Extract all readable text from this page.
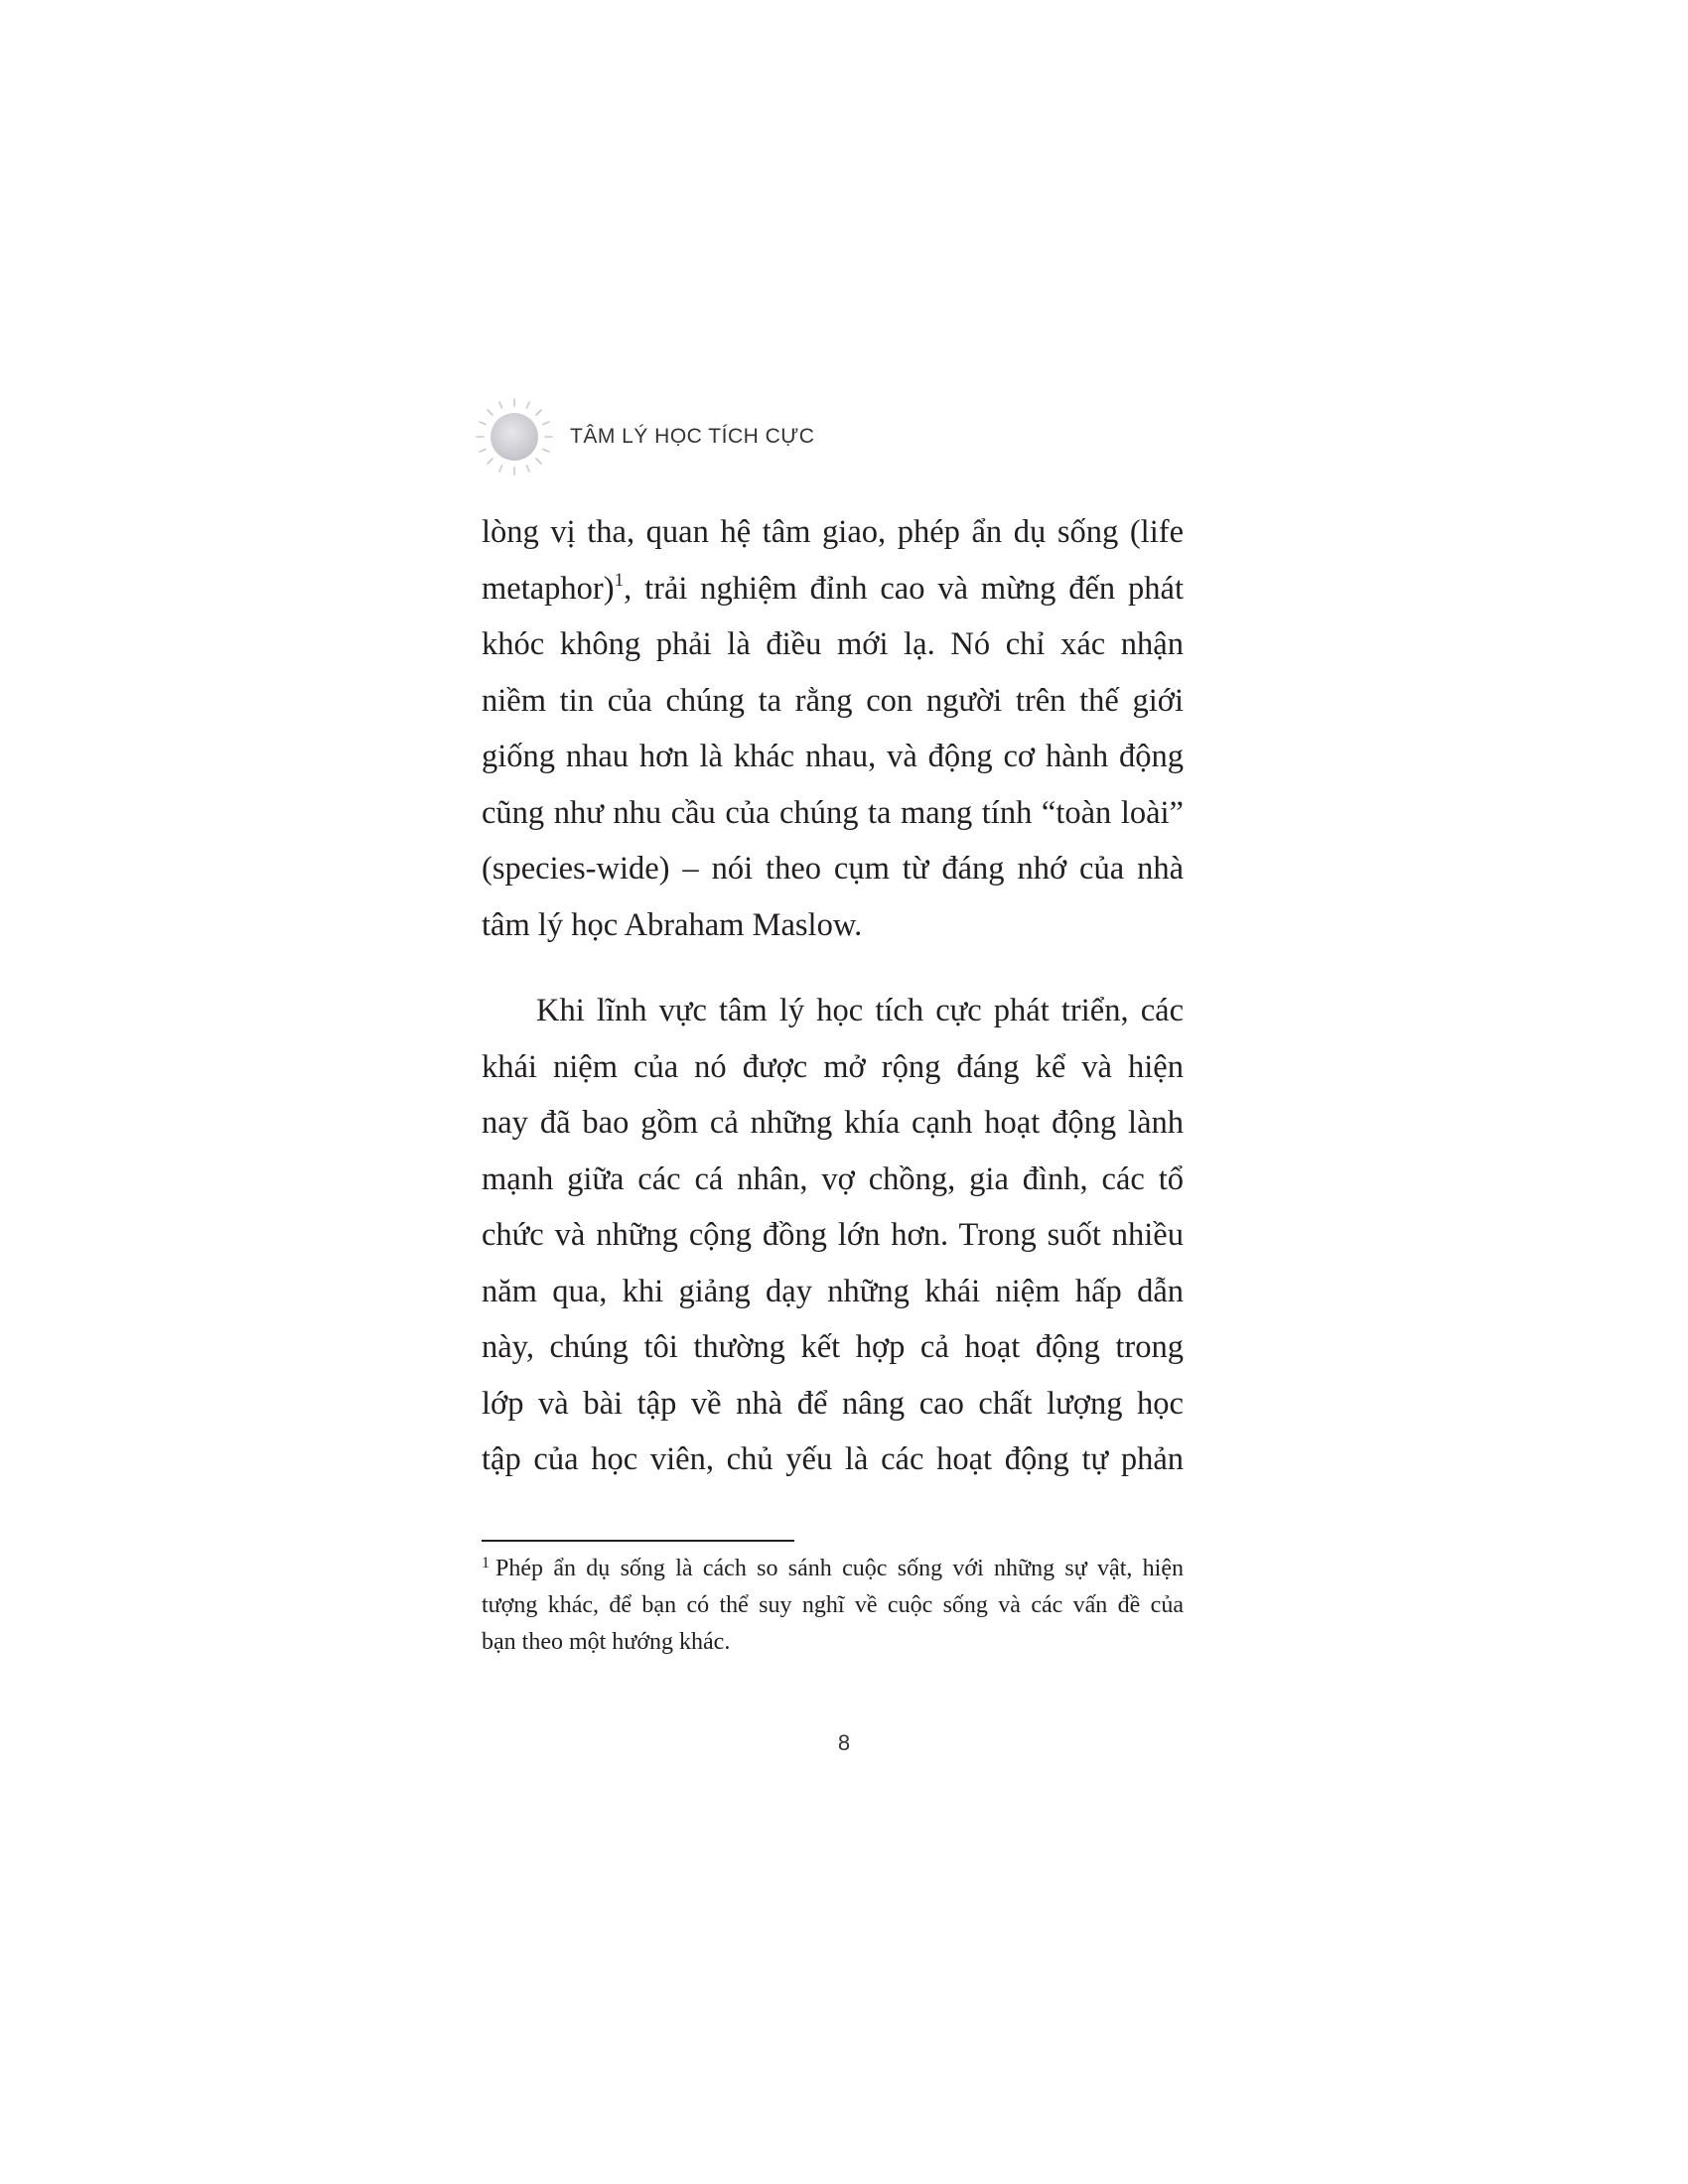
TÂM LÝ HỌC TÍCH CỰC

lòng vị tha, quan hệ tâm giao, phép ẩn dụ sống (life
metaphor)$^1$, trải nghiệm đỉnh cao và mừng đến phát
khóc không phải là điều mới lạ. Nó chỉ xác nhận
niềm tin của chúng ta rằng con người trên thế giới
giống nhau hơn là khác nhau, và động cơ hành động
cũng như nhu cầu của chúng ta mang tính “toàn loài”
(species-wide) – nói theo cụm từ đáng nhớ của nhà
tâm lý học Abraham Maslow.

Khi lĩnh vực tâm lý học tích cực phát triển, các
khái niệm của nó được mở rộng đáng kể và hiện
nay đã bao gồm cả những khía cạnh hoạt động lành
mạnh giữa các cá nhân, vợ chồng, gia đình, các tổ
chức và những cộng đồng lớn hơn. Trong suốt nhiều
năm qua, khi giảng dạy những khái niệm hấp dẫn
này, chúng tôi thường kết hợp cả hoạt động trong
lớp và bài tập về nhà để nâng cao chất lượng học
tập của học viên, chủ yếu là các hoạt động tự phản

$^1$ Phép ẩn dụ sống là cách so sánh cuộc sống với những sự vật, hiện
tượng khác, để bạn có thể suy nghĩ về cuộc sống và các vấn đề của
bạn theo một hướng khác.
8
